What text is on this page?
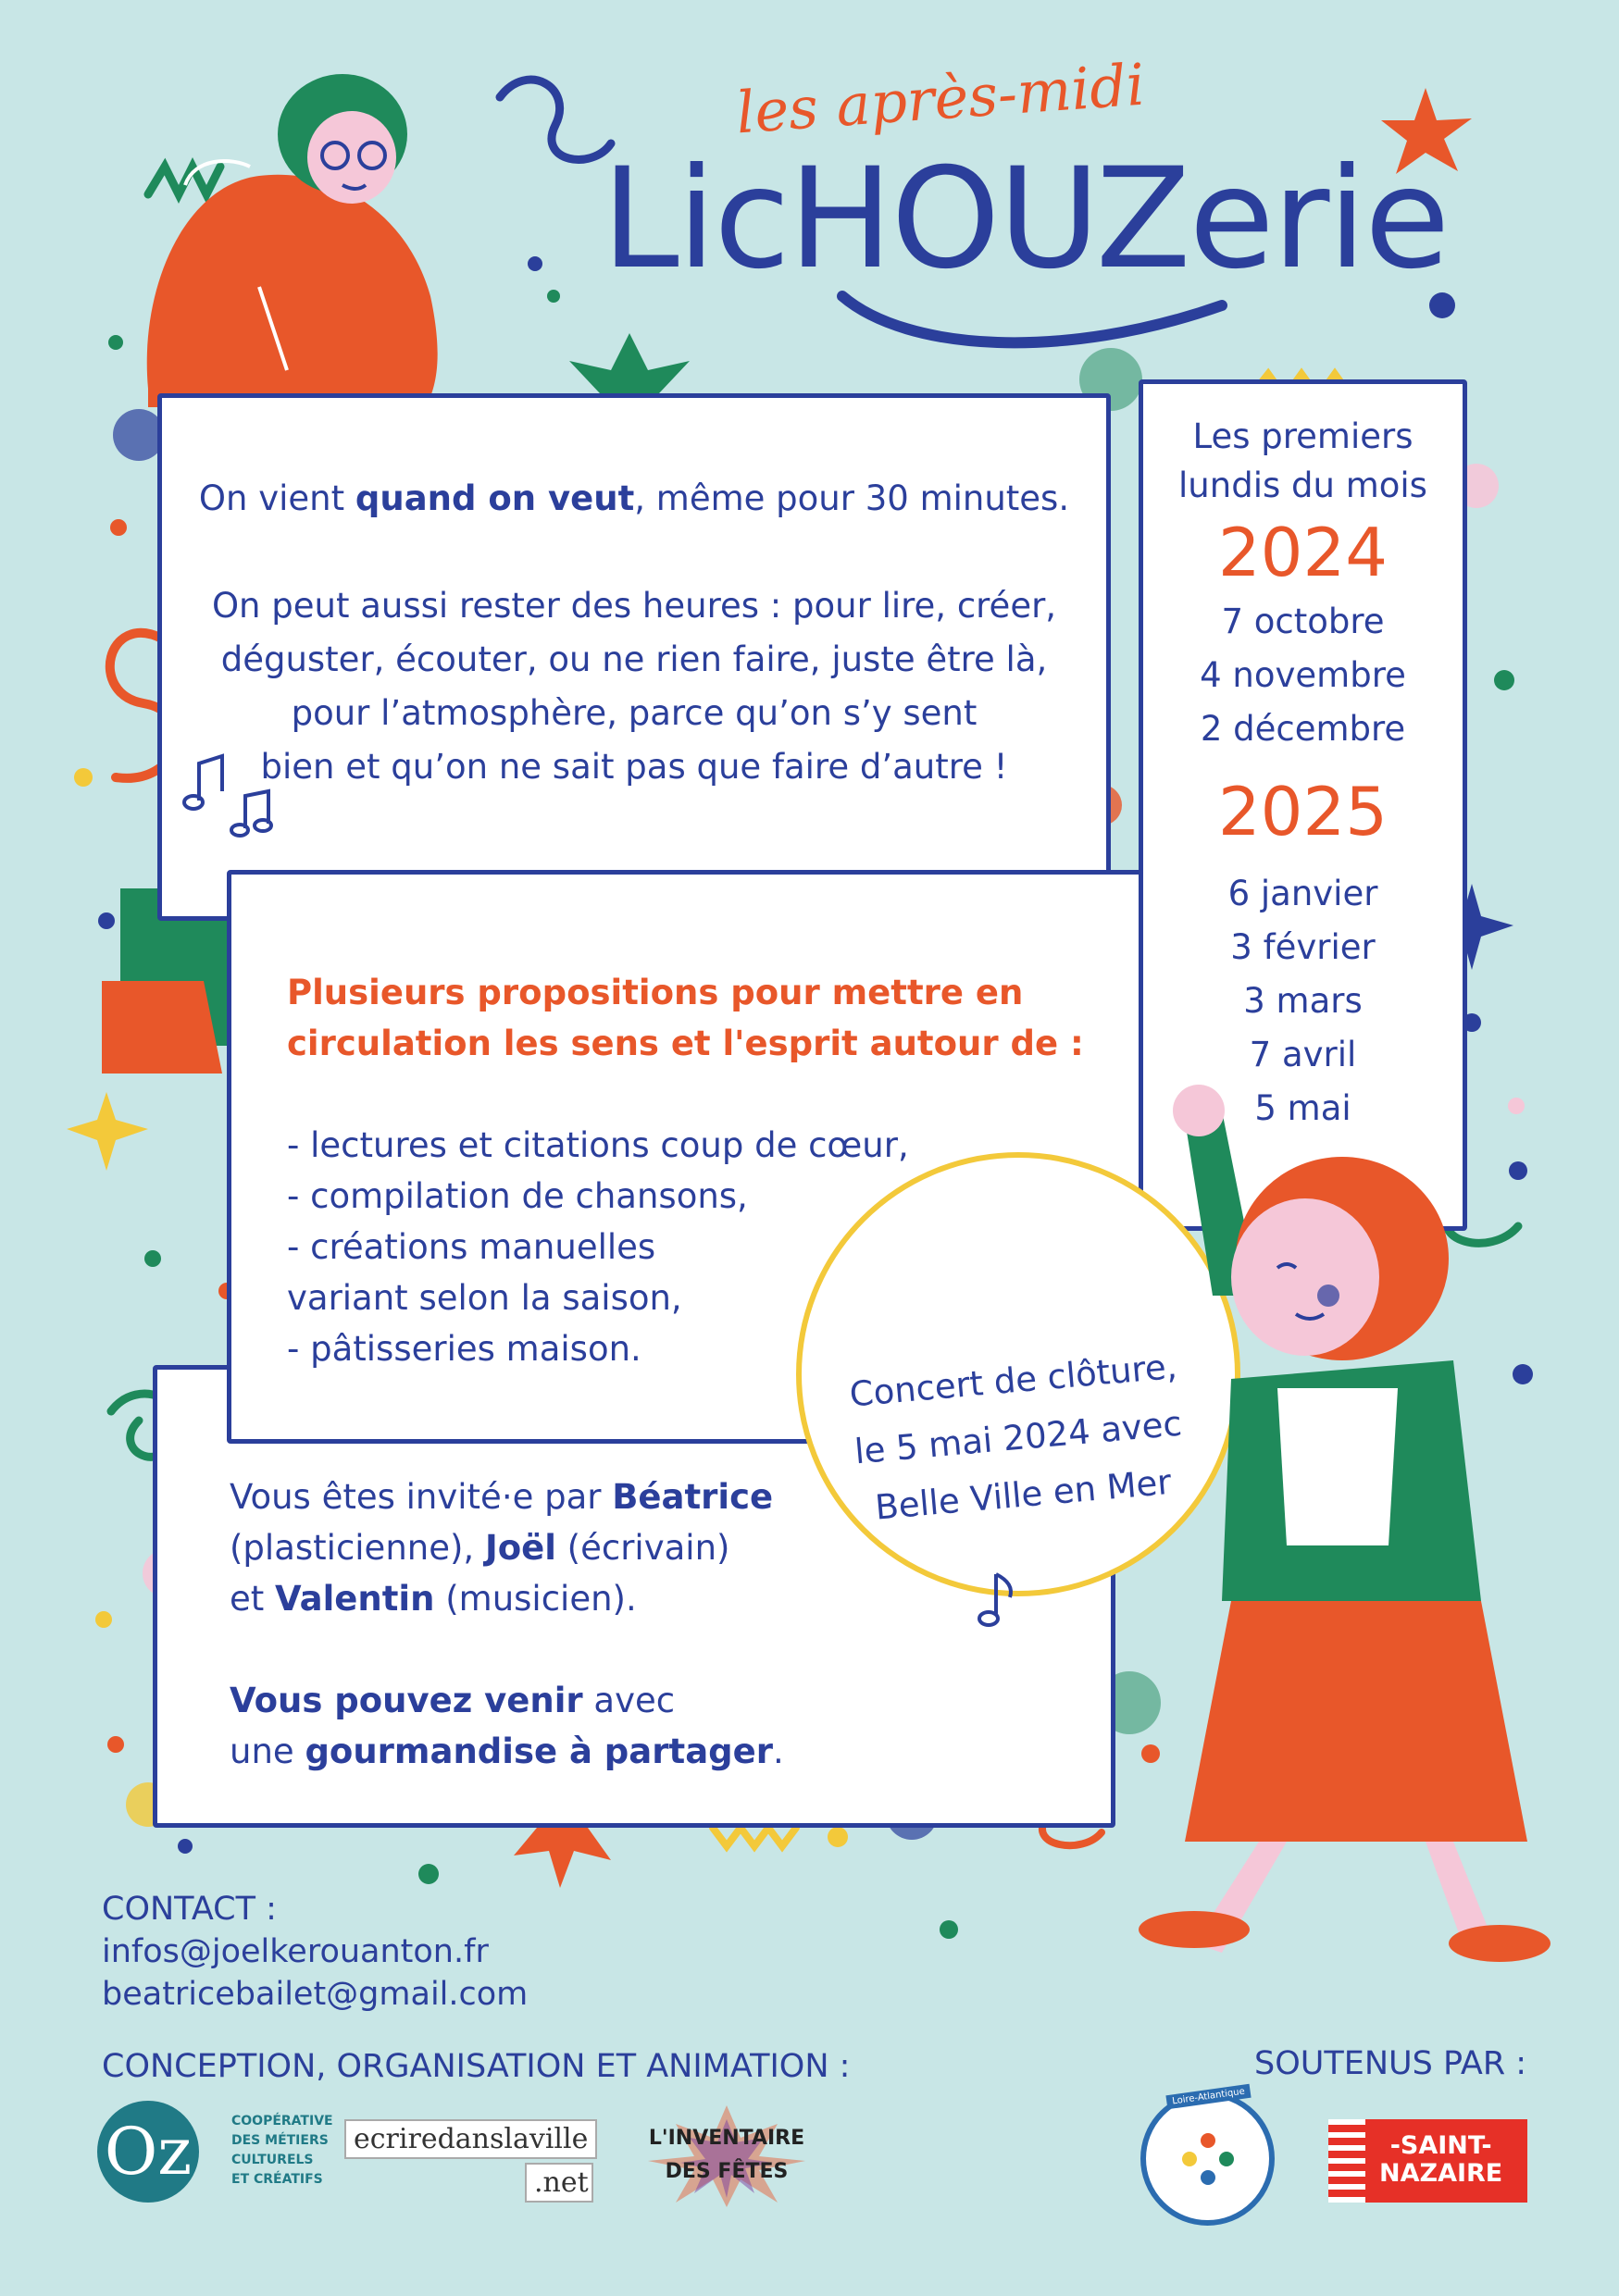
les après-midi
LicHOUZerie
On vient quand on veut, même pour 30 minutes.
On peut aussi rester des heures : pour lire, créer,
déguster, écouter, ou ne rien faire, juste être là,
pour l’atmosphère, parce qu’on s’y sent
bien et qu’on ne sait pas que faire d’autre !
Les premiers
lundis du mois
2024
7 octobre
4 novembre
2 décembre
2025
6 janvier
3 février
3 mars
7 avril
5 mai
Vous êtes invité·e par Béatrice
(plasticienne), Joël (écrivain)
et Valentin (musicien).
Vous pouvez venir avec
une gourmandise à partager.
Plusieurs propositions pour mettre en
circulation les sens et l'esprit autour de :
- lectures et citations coup de cœur,
- compilation de chansons,
- créations manuelles
variant selon la saison,
- pâtisseries maison.	Concert de clôture,
le 5 mai 2024 avec
Belle Ville en Mer
CONTACT :
infos@joelkerouanton.fr
beatricebailet@gmail.com
CONCEPTION, ORGANISATION ET ANIMATION :	SOUTENUS PAR :
Oz	COOPÉRATIVE
DES MÉTIERS
CULTURELS
ET CRÉATIFS
ecriredanslaville
.net
L'INVENTAIRE
DES FÊTES
Loire-Atlantique
-SAINT-
NAZAIRE
